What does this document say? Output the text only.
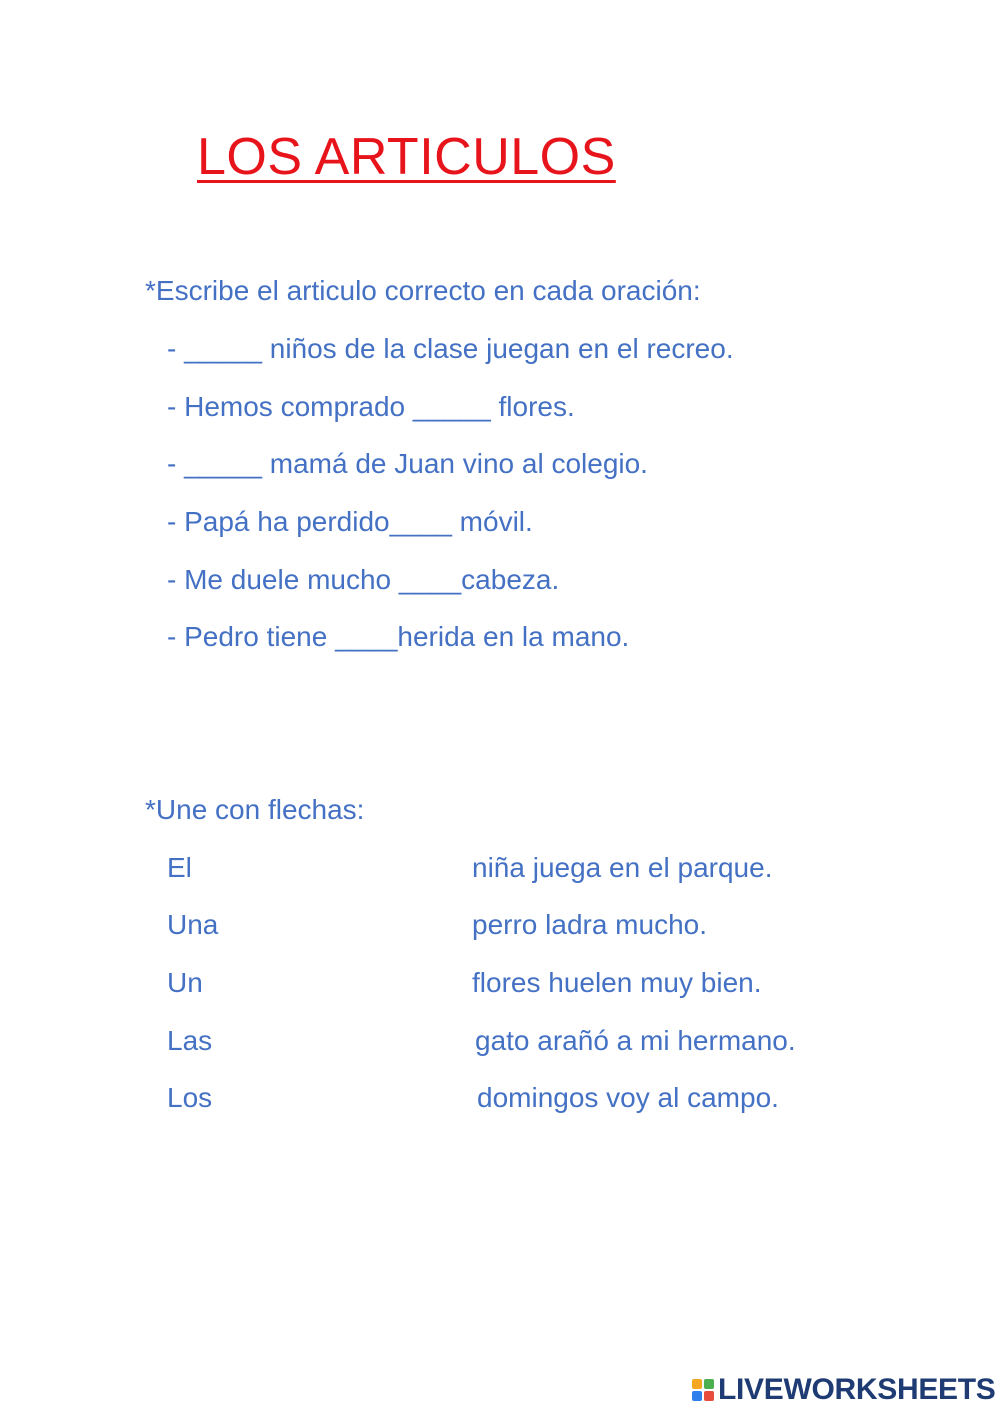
LOS ARTICULOS
*Escribe el articulo correcto en cada oración:
- _____ niños de la clase juegan en el recreo.
- Hemos comprado _____ flores.
- _____ mamá de Juan vino al colegio.
- Papá ha perdido____ móvil.
- Me duele mucho ____cabeza.
- Pedro tiene ____herida en la mano.
*Une con flechas:
El	niña juega en el parque.
Una	perro ladra mucho.
Un	flores huelen muy bien.
Las	gato arañó a mi hermano.
Los	domingos voy al campo.
LIVEWORKSHEETS
